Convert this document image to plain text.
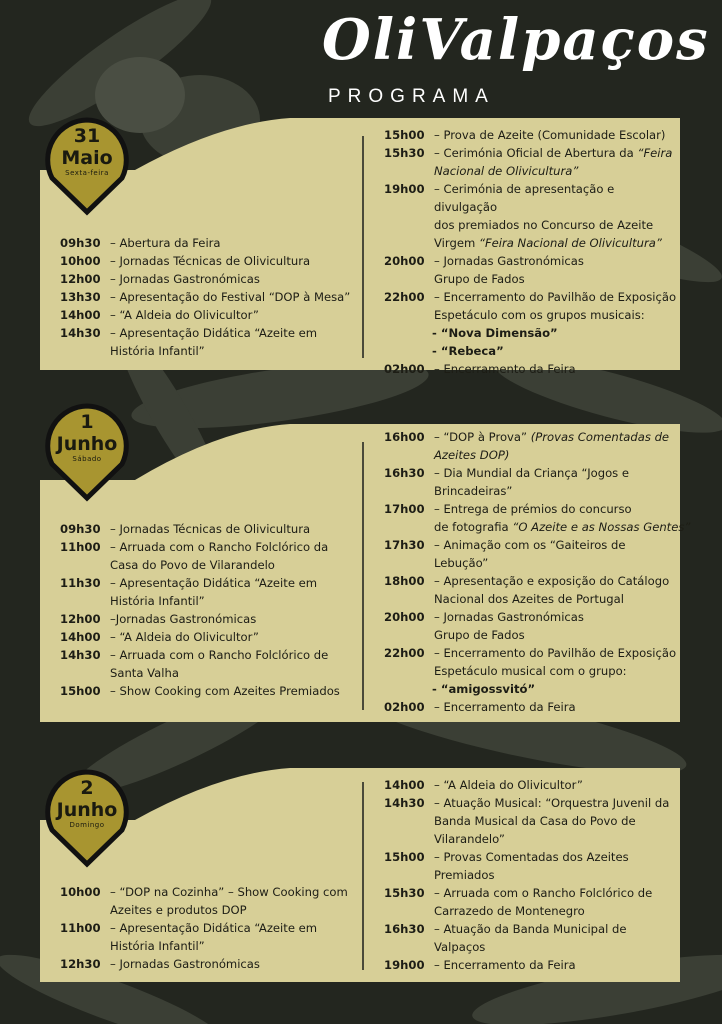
OliValpaços
PROGRAMA
31
Maio
Sexta-feira
09h30 – Abertura da Feira
10h00 – Jornadas Técnicas de Olivicultura
12h00 – Jornadas Gastronómicas
13h30 – Apresentação do Festival “DOP à Mesa”
14h00 – “A Aldeia do Olivicultor”
14h30 – Apresentação Didática “Azeite em
História Infantil”
15h00 – Prova de Azeite (Comunidade Escolar)
15h30 – Cerimónia Oficial de Abertura da “Feira
Nacional de Olivicultura”
19h00 – Cerimónia de apresentação e divulgação
dos premiados no Concurso de Azeite
Virgem “Feira Nacional de Olivicultura”
20h00 – Jornadas Gastronómicas
Grupo de Fados
22h00 – Encerramento do Pavilhão de Exposição
Espetáculo com os grupos musicais:
- “Nova Dimensão”
- “Rebeca”
02h00 – Encerramento da Feira
1
Junho
Sábado
09h30 – Jornadas Técnicas de Olivicultura
11h00 – Arruada com o Rancho Folclórico da
Casa do Povo de Vilarandelo
11h30 – Apresentação Didática “Azeite em
História Infantil”
12h00 –Jornadas Gastronómicas
14h00 – “A Aldeia do Olivicultor”
14h30 – Arruada com o Rancho Folclórico de
Santa Valha
15h00 – Show Cooking com Azeites Premiados
16h00 – “DOP à Prova” (Provas Comentadas de
Azeites DOP)
16h30 – Dia Mundial da Criança “Jogos e
Brincadeiras”
17h00 – Entrega de prémios do concurso
de fotografia “O Azeite e as Nossas Gentes”
17h30 – Animação com os “Gaiteiros de Lebução”
18h00 – Apresentação e exposição do Catálogo
Nacional dos Azeites de Portugal
20h00 – Jornadas Gastronómicas
Grupo de Fados
22h00 – Encerramento do Pavilhão de Exposição
Espetáculo musical com o grupo:
- “amigossvitó”
02h00 – Encerramento da Feira
2
Junho
Domingo
10h00 – “DOP na Cozinha” – Show Cooking com
Azeites e produtos DOP
11h00 – Apresentação Didática “Azeite em
História Infantil”
12h30 – Jornadas Gastronómicas
14h00 – “A Aldeia do Olivicultor”
14h30 – Atuação Musical: “Orquestra Juvenil da
Banda Musical da Casa do Povo de
Vilarandelo”
15h00 – Provas Comentadas dos Azeites
Premiados
15h30 – Arruada com o Rancho Folclórico de
Carrazedo de Montenegro
16h30 – Atuação da Banda Municipal de
Valpaços
19h00 – Encerramento da Feira
